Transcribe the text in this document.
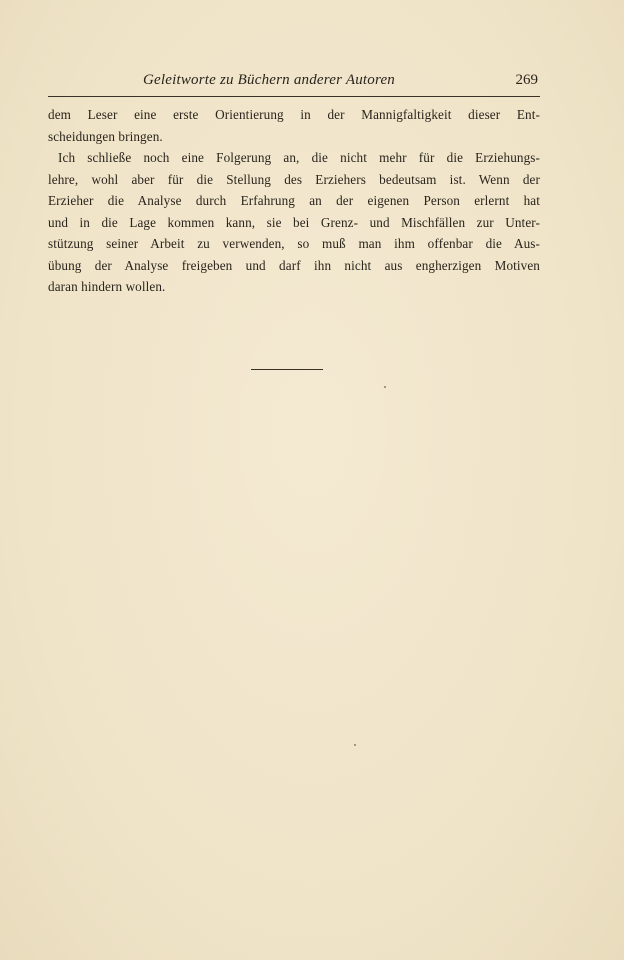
Geleitworte zu Büchern anderer Autoren	269
dem Leser eine erste Orientierung in der Mannigfaltigkeit dieser Ent-
scheidungen bringen.
Ich schließe noch eine Folgerung an, die nicht mehr für die Erziehungs-
lehre, wohl aber für die Stellung des Erziehers bedeutsam ist. Wenn der
Erzieher die Analyse durch Erfahrung an der eigenen Person erlernt hat
und in die Lage kommen kann, sie bei Grenz- und Mischfällen zur Unter-
stützung seiner Arbeit zu verwenden, so muß man ihm offenbar die Aus-
übung der Analyse freigeben und darf ihn nicht aus engherzigen Motiven
daran hindern wollen.
